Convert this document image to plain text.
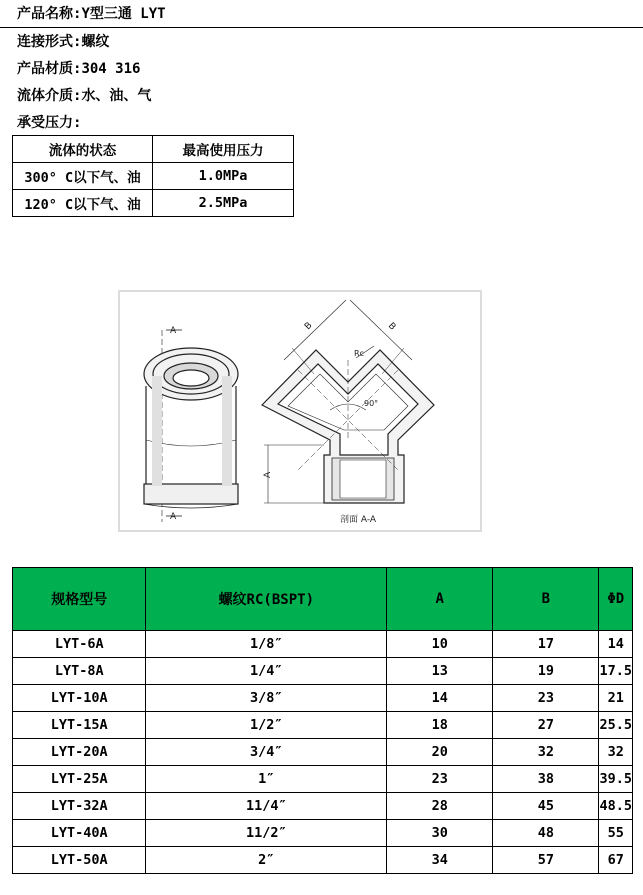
产品名称:Y型三通 LYT
连接形式:螺纹
产品材质:304 316
流体介质:水、油、气
承受压力:
流体的状态	最高使用压力
300° C以下气、油	1.0MPa
120° C以下气、油	2.5MPa
A
A
B	B
A
Rc
90°
剖面 A-A
规格型号	螺纹RC(BSPT)	A	B	ΦD
LYT-6A	1/8″	10	17	14
LYT-8A	1/4″	13	19	17.5
LYT-10A	3/8″	14	23	21
LYT-15A	1/2″	18	27	25.5
LYT-20A	3/4″	20	32	32
LYT-25A	1″	23	38	39.5
LYT-32A	11/4″	28	45	48.5
LYT-40A	11/2″	30	48	55
LYT-50A	2″	34	57	67
